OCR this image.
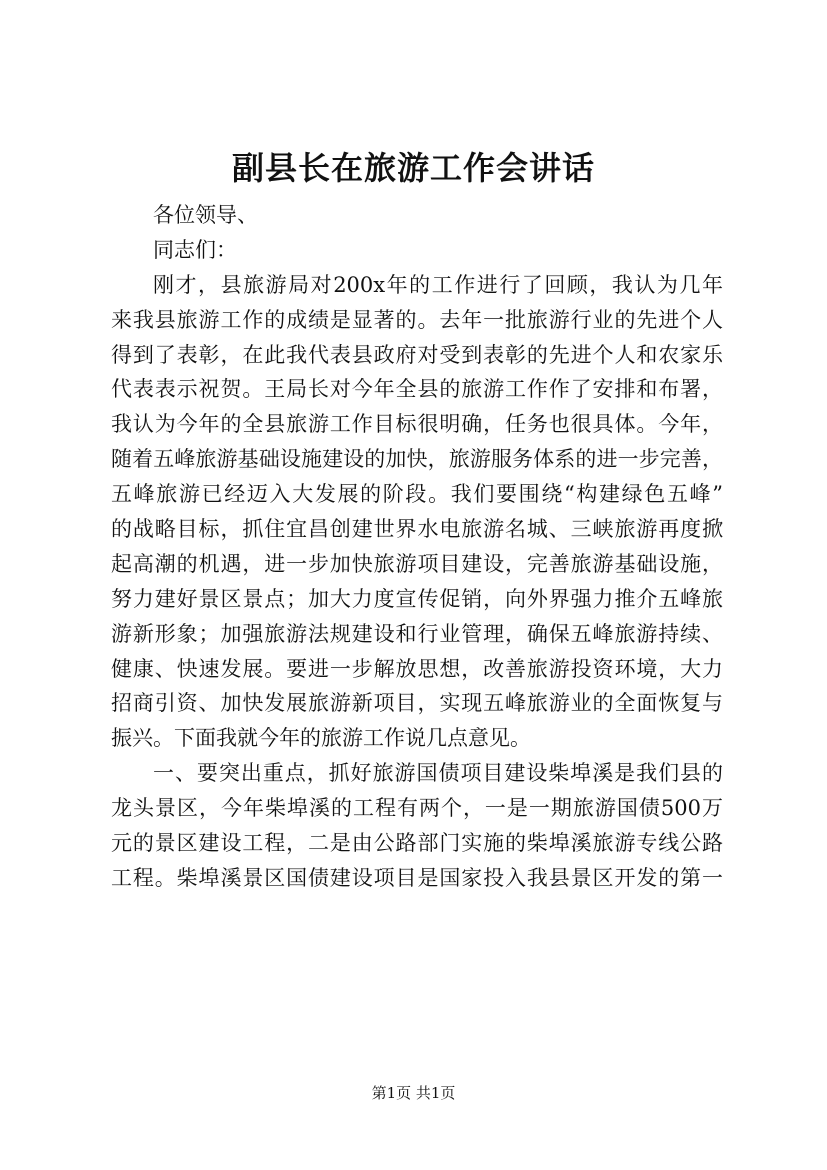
副县长在旅游工作会讲话
各位领导、
同志们：
刚才，县旅游局对200x年的工作进行了回顾，我认为几年
来我县旅游工作的成绩是显著的。去年一批旅游行业的先进个人
得到了表彰，在此我代表县政府对受到表彰的先进个人和农家乐
代表表示祝贺。王局长对今年全县的旅游工作作了安排和布署，
我认为今年的全县旅游工作目标很明确，任务也很具体。今年，
随着五峰旅游基础设施建设的加快，旅游服务体系的进一步完善，
五峰旅游已经迈入大发展的阶段。我们要围绕“构建绿色五峰”
的战略目标，抓住宜昌创建世界水电旅游名城、三峡旅游再度掀
起高潮的机遇，进一步加快旅游项目建设，完善旅游基础设施，
努力建好景区景点；加大力度宣传促销，向外界强力推介五峰旅
游新形象；加强旅游法规建设和行业管理，确保五峰旅游持续、
健康、快速发展。要进一步解放思想，改善旅游投资环境，大力
招商引资、加快发展旅游新项目，实现五峰旅游业的全面恢复与
振兴。下面我就今年的旅游工作说几点意见。
一、要突出重点，抓好旅游国债项目建设柴埠溪是我们县的
龙头景区，今年柴埠溪的工程有两个，一是一期旅游国债500万
元的景区建设工程，二是由公路部门实施的柴埠溪旅游专线公路
工程。柴埠溪景区国债建设项目是国家投入我县景区开发的第一
第1页 共1页
